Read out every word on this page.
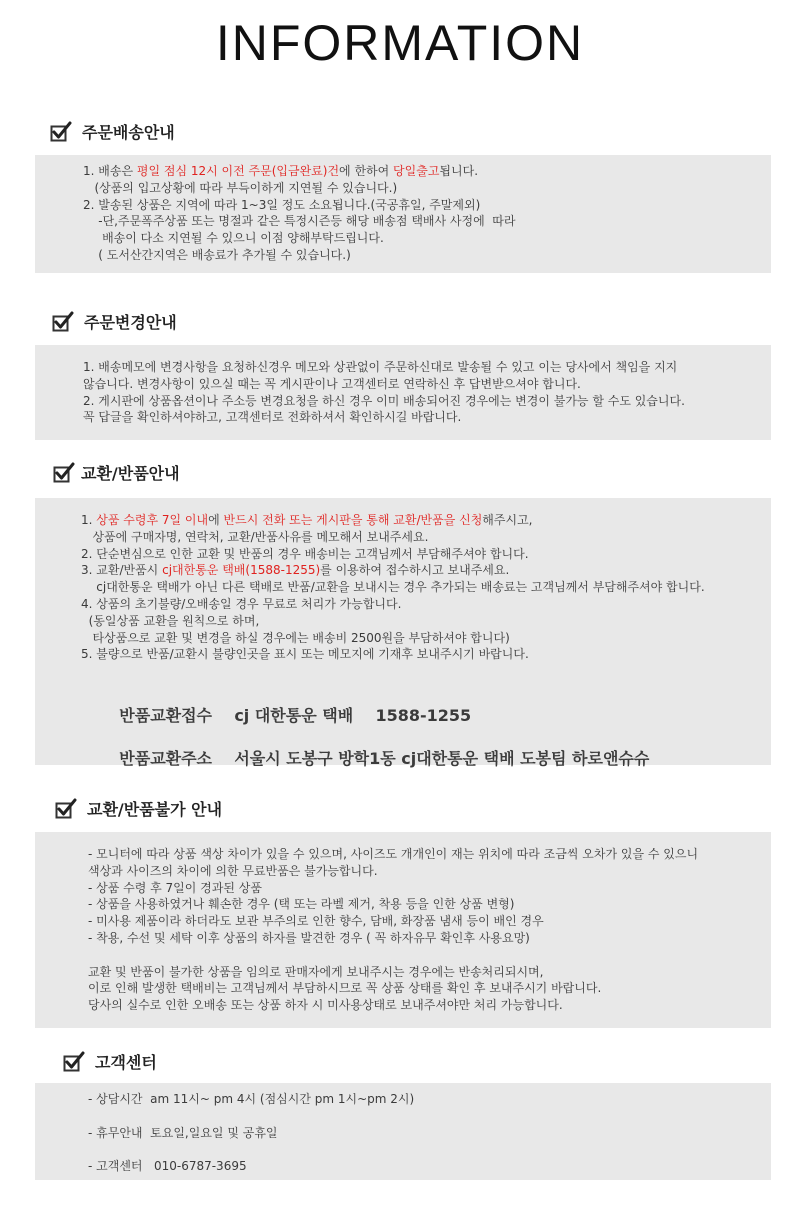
INFORMATION
주문배송안내
1. 배송은 평일 점심 12시 이전 주문(입금완료)건에 한하여 당일출고됩니다.
(상품의 입고상황에 따라 부득이하게 지연될 수 있습니다.)
2. 발송된 상품은 지역에 따라 1~3일 정도 소요됩니다.(국공휴일, 주말제외)
-단,주문폭주상품 또는 명절과 같은 특정시즌등 해당 배송점 택배사 사정에  따라
배송이 다소 지연될 수 있으니 이점 양해부탁드립니다.
( 도서산간지역은 배송료가 추가될 수 있습니다.)
주문변경안내
1. 배송메모에 변경사항을 요청하신경우 메모와 상관없이 주문하신대로 발송될 수 있고 이는 당사에서 책임을 지지
않습니다. 변경사항이 있으실 때는 꼭 게시판이나 고객센터로 연락하신 후 답변받으셔야 합니다.
2. 게시판에 상품옵션이나 주소등 변경요청을 하신 경우 이미 배송되어진 경우에는 변경이 불가능 할 수도 있습니다.
꼭 답글을 확인하셔야하고, 고객센터로 전화하셔서 확인하시길 바랍니다.
교환/반품안내
1. 상품 수령후 7일 이내에 반드시 전화 또는 게시판을 통해 교환/반품을 신청해주시고,
상품에 구매자명, 연락처, 교환/반품사유를 메모해서 보내주세요.
2. 단순변심으로 인한 교환 및 반품의 경우 배송비는 고객님께서 부담해주셔야 합니다.
3. 교환/반품시 cj대한통운 택배(1588-1255)를 이용하여 접수하시고 보내주세요.
cj대한통운 택배가 아닌 다른 택배로 반품/교환을 보내시는 경우 추가되는 배송료는 고객님께서 부담해주셔야 합니다.
4. 상품의 초기불량/오배송일 경우 무료로 처리가 가능합니다.
(동일상품 교환을 원칙으로 하며,
타상품으로 교환 및 변경을 하실 경우에는 배송비 2500원을 부담하셔야 합니다)
5. 불량으로 반품/교환시 불량인곳을 표시 또는 메모지에 기재후 보내주시기 바랍니다.

반품교환접수 cj 대한통운 택배    1588-1255

반품교환주소 서울시 도봉구 방학1동 cj대한통운 택배 도봉팀 하로앤슈슈

교환/반품불가 안내
- 모니터에 따라 상품 색상 차이가 있을 수 있으며, 사이즈도 개개인이 재는 위치에 따라 조금씩 오차가 있을 수 있으니
색상과 사이즈의 차이에 의한 무료반품은 불가능합니다.
- 상품 수령 후 7일이 경과된 상품
- 상품을 사용하였거나 훼손한 경우 (택 또는 라벨 제거, 착용 등을 인한 상품 변형)
- 미사용 제품이라 하더라도 보관 부주의로 인한 향수, 담배, 화장품 냄새 등이 배인 경우
- 착용, 수선 및 세탁 이후 상품의 하자를 발견한 경우 ( 꼭 하자유무 확인후 사용요망)

교환 및 반품이 불가한 상품을 임의로 판매자에게 보내주시는 경우에는 반송처리되시며,
이로 인해 발생한 택배비는 고객님께서 부담하시므로 꼭 상품 상태를 확인 후 보내주시기 바랍니다.
당사의 실수로 인한 오배송 또는 상품 하자 시 미사용상태로 보내주셔야만 처리 가능합니다.
고객센터
- 상담시간  am 11시~ pm 4시 (점심시간 pm 1시~pm 2시)
- 휴무안내  토요일,일요일 및 공휴일
- 고객센터   010-6787-3695
